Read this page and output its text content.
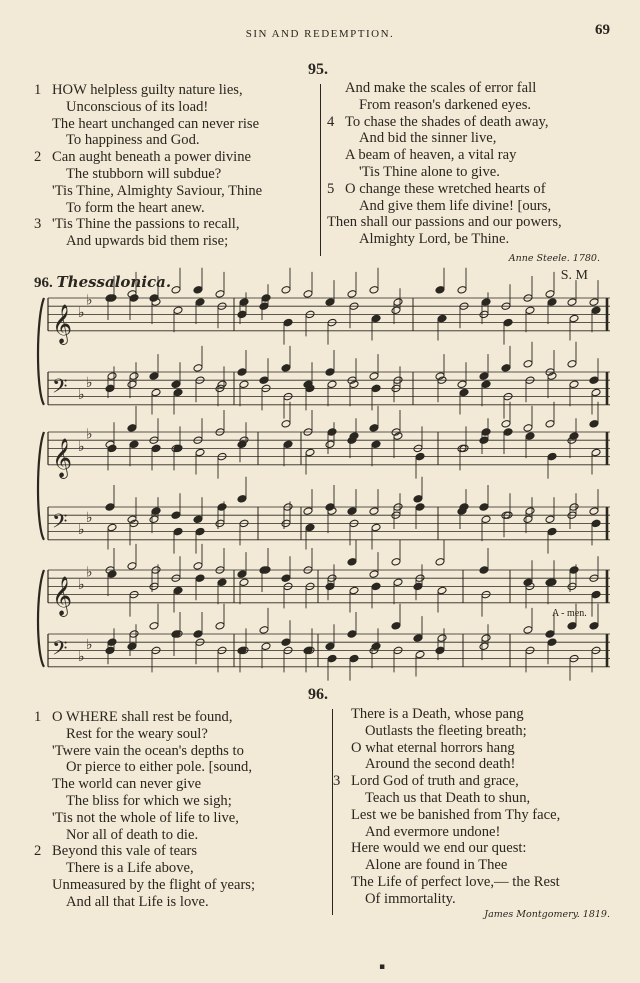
SIN AND REDEMPTION.	69
95.
1 HOW helpless guilty nature lies,
Unconscious of its load!
The heart unchanged can never rise
To happiness and God.
2 Can aught beneath a power divine
The stubborn will subdue?
'Tis Thine, Almighty Saviour, Thine
To form the heart anew.
3 'Tis Thine the passions to recall,
And upwards bid them rise;
And make the scales of error fall
From reason's darkened eyes.
4 To chase the shades of death away,
And bid the sinner live,
A beam of heaven, a vital ray
'Tis Thine alone to give.
5 O change these wretched hearts of
And give them life divine! [ours,
Then shall our passions and our powers,
Almighty Lord, be Thine.
Anne Steele. 1780.
96. Thessalonica.	S. M
𝄞 ♭
♭
𝄢 ♭
♭
𝄞 ♭
♭
𝄢 ♭
♭
𝄞 ♭
♭
𝄢 ♭
♭
A - men.
96.
1 O WHERE shall rest be found,
Rest for the weary soul?
'Twere vain the ocean's depths to
Or pierce to either pole. [sound,
The world can never give
The bliss for which we sigh;
'Tis not the whole of life to live,
Nor all of death to die.
2 Beyond this vale of tears
There is a Life above,
Unmeasured by the flight of years;
And all that Life is love.
There is a Death, whose pang
Outlasts the fleeting breath;
O what eternal horrors hang
Around the second death!
3 Lord God of truth and grace,
Teach us that Death to shun,
Lest we be banished from Thy face,
And evermore undone!
Here would we end our quest:
Alone are found in Thee
The Life of perfect love,— the Rest
Of immortality.
James Montgomery. 1819.
▪
